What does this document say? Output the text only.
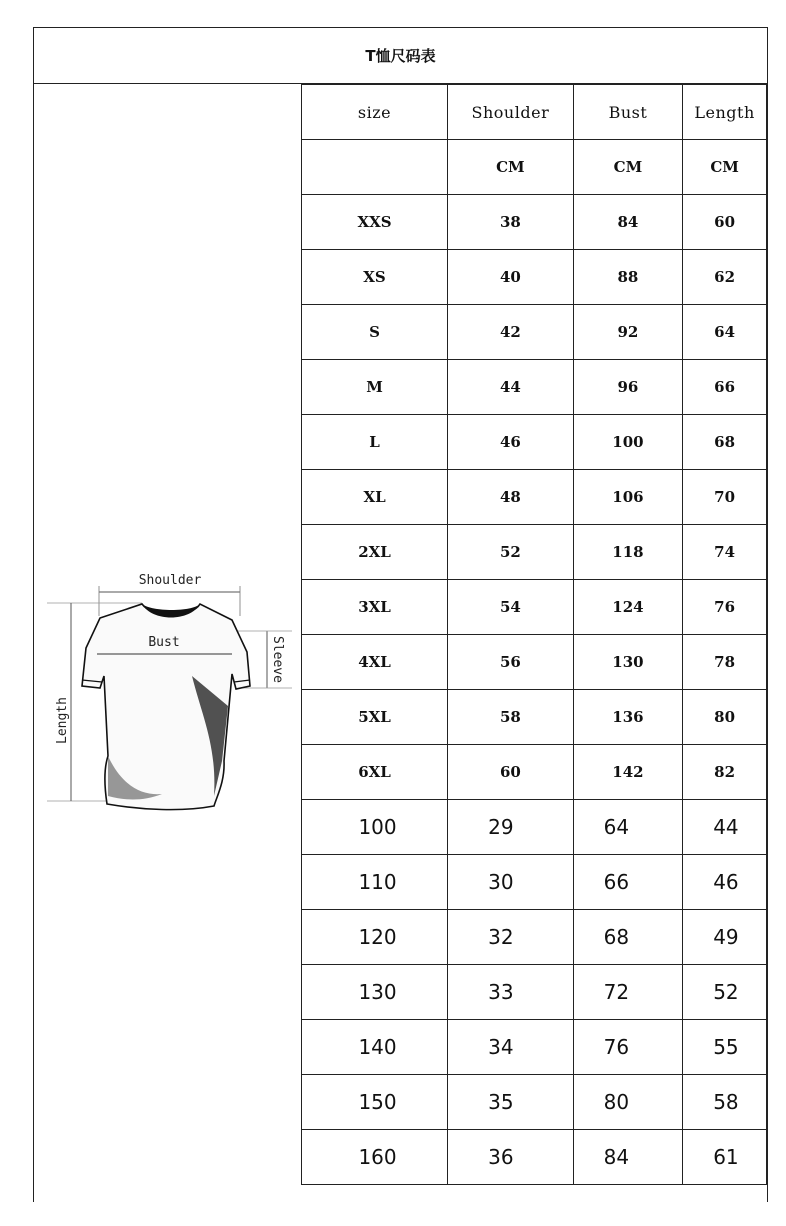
T恤尺码表
Shoulder
Length
Sleeve
Bust
size	Shoulder	Bust	Length
	CM	CM	CM
XXS	38	84	60
XS	40	88	62
S	42	92	64
M	44	96	66
L	46	100	68
XL	48	106	70
2XL	52	118	74
3XL	54	124	76
4XL	56	130	78
5XL	58	136	80
6XL	60	142	82
100	29	64	44
110	30	66	46
120	32	68	49
130	33	72	52
140	34	76	55
150	35	80	58
160	36	84	61
